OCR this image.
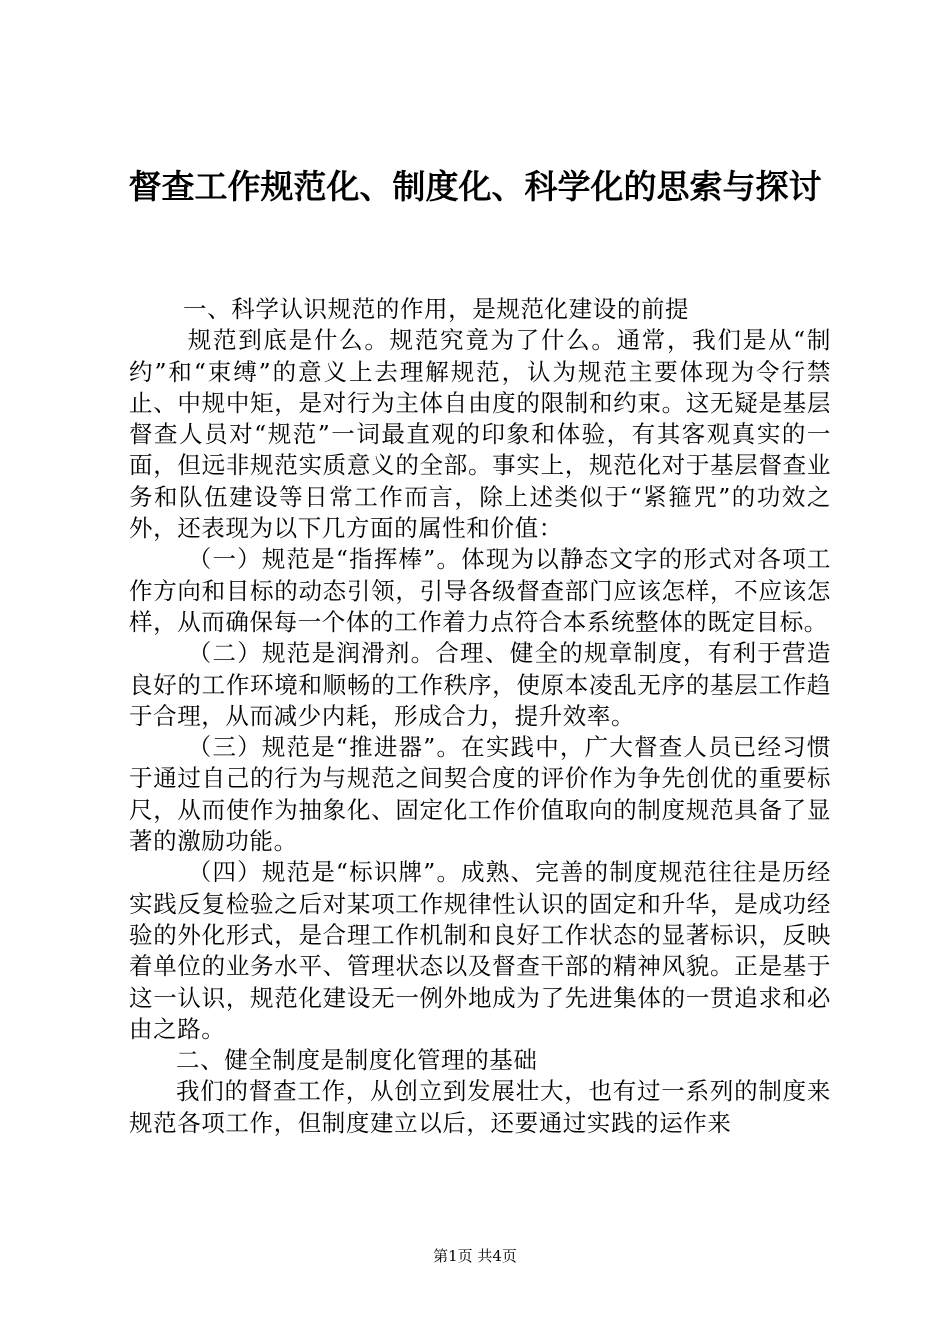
督查工作规范化、制度化、科学化的思索与探讨

一、科学认识规范的作用，是规范化建设的前提

规范到底是什么。规范究竟为了什么。通常，我们是从“制约”和“束缚”的意义上去理解规范，认为规范主要体现为令行禁止、中规中矩，是对行为主体自由度的限制和约束。这无疑是基层督查人员对“规范”一词最直观的印象和体验，有其客观真实的一面，但远非规范实质意义的全部。事实上，规范化对于基层督查业务和队伍建设等日常工作而言，除上述类似于“紧箍咒”的功效之外，还表现为以下几方面的属性和价值：

（一）规范是“指挥棒”。体现为以静态文字的形式对各项工作方向和目标的动态引领，引导各级督查部门应该怎样，不应该怎样，从而确保每一个体的工作着力点符合本系统整体的既定目标。

（二）规范是润滑剂。合理、健全的规章制度，有利于营造良好的工作环境和顺畅的工作秩序，使原本凌乱无序的基层工作趋于合理，从而减少内耗，形成合力，提升效率。

（三）规范是“推进器”。在实践中，广大督查人员已经习惯于通过自己的行为与规范之间契合度的评价作为争先创优的重要标尺，从而使作为抽象化、固定化工作价值取向的制度规范具备了显著的激励功能。

（四）规范是“标识牌”。成熟、完善的制度规范往往是历经实践反复检验之后对某项工作规律性认识的固定和升华，是成功经验的外化形式，是合理工作机制和良好工作状态的显著标识，反映着单位的业务水平、管理状态以及督查干部的精神风貌。正是基于这一认识，规范化建设无一例外地成为了先进集体的一贯追求和必由之路。

二、健全制度是制度化管理的基础

我们的督查工作，从创立到发展壮大，也有过一系列的制度来规范各项工作，但制度建立以后，还要通过实践的运作来

第1页 共4页
